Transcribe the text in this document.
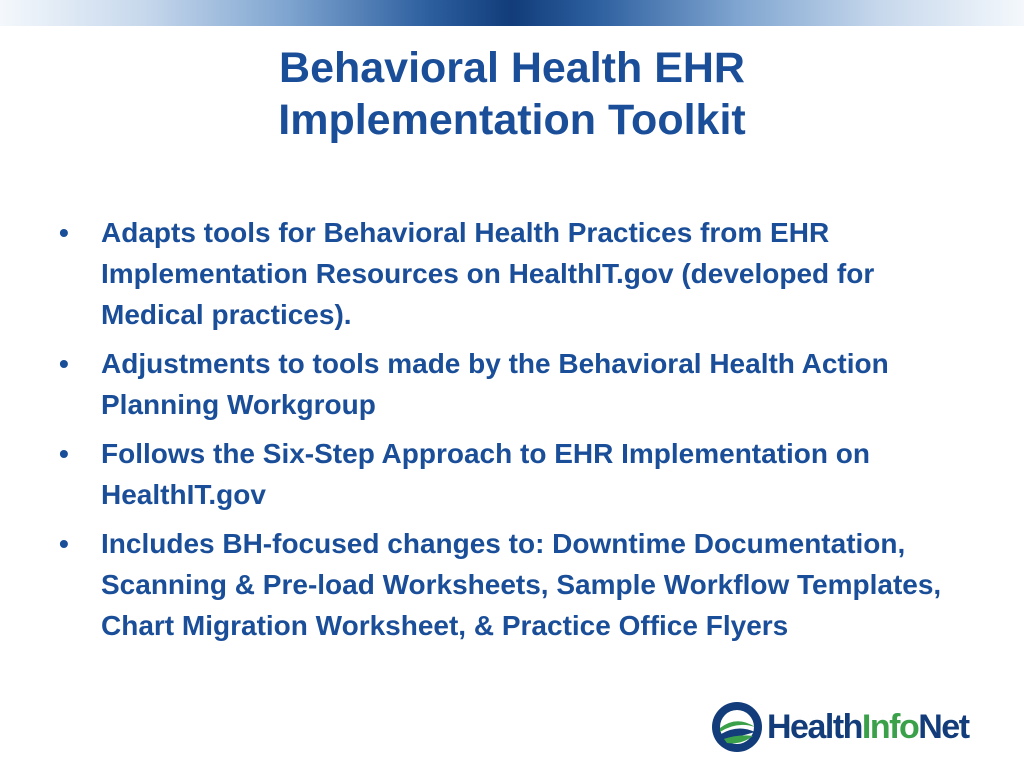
Behavioral Health EHR
Implementation Toolkit
• Adapts tools for Behavioral Health Practices from EHR Implementation Resources on HealthIT.gov (developed for Medical practices).
• Adjustments to tools made by the Behavioral Health Action Planning Workgroup
• Follows the Six-Step Approach to EHR Implementation on HealthIT.gov
• Includes BH-focused changes to: Downtime Documentation, Scanning & Pre-load Worksheets, Sample Workflow Templates, Chart Migration Worksheet, & Practice Office Flyers
HealthInfoNet
